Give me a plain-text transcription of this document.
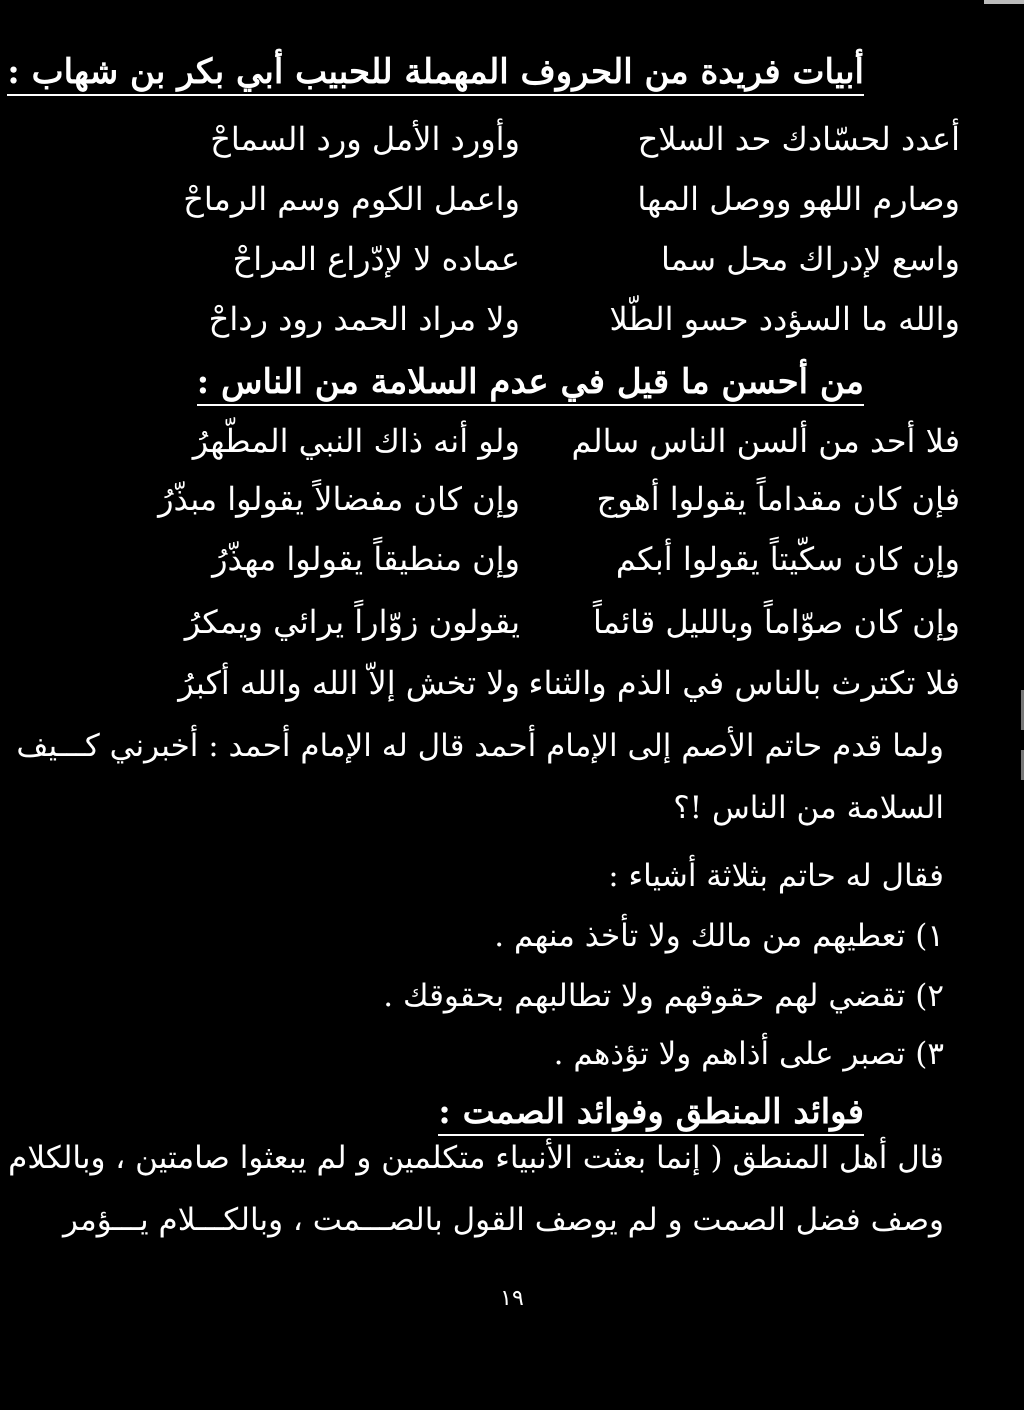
أبيات فريدة من الحروف المهملة للحبيب أبي بكر بن شهاب :
أعدد لحسّادك حد السلاح
وأورد الأمل ورد السماحْ
وصارم اللهو ووصل المها
واعمل الكوم وسم الرماحْ
واسع لإدراك محل سما
عماده لا لإدّراع المراحْ
والله ما السؤدد حسو الطّلا
ولا مراد الحمد رود رداحْ
من أحسن ما قيل في عدم السلامة من الناس :
فلا أحد من ألسن الناس سالم
ولو أنه ذاك النبي المطّهرُ
فإن كان مقداماً يقولوا أهوج
وإن كان مفضالاً يقولوا مبذّرُ
وإن كان سكّيتاً يقولوا أبكم
وإن منطيقاً يقولوا مهذّرُ
وإن كان صوّاماً وبالليل قائماً
يقولون زوّاراً يرائي ويمكرُ
فلا تكترث بالناس في الذم والثناء
ولا تخش إلاّ الله والله أكبرُ
ولما قدم حاتم الأصم إلى الإمام أحمد قال له الإمام أحمد : أخبرني كـــيف
السلامة من الناس !؟
فقال له حاتم بثلاثة أشياء :
١) تعطيهم من مالك ولا تأخذ منهم .
٢) تقضي لهم حقوقهم ولا تطالبهم بحقوقك .
٣) تصبر على أذاهم ولا تؤذهم .
فوائد المنطق وفوائد الصمت :
قال أهل المنطق ( إنما بعثت الأنبياء متكلمين و لم يبعثوا صامتين ، وبالكلام
وصف فضل الصمت و لم يوصف القول بالصـــمت ، وبالكـــلام يـــؤمر
١٩
